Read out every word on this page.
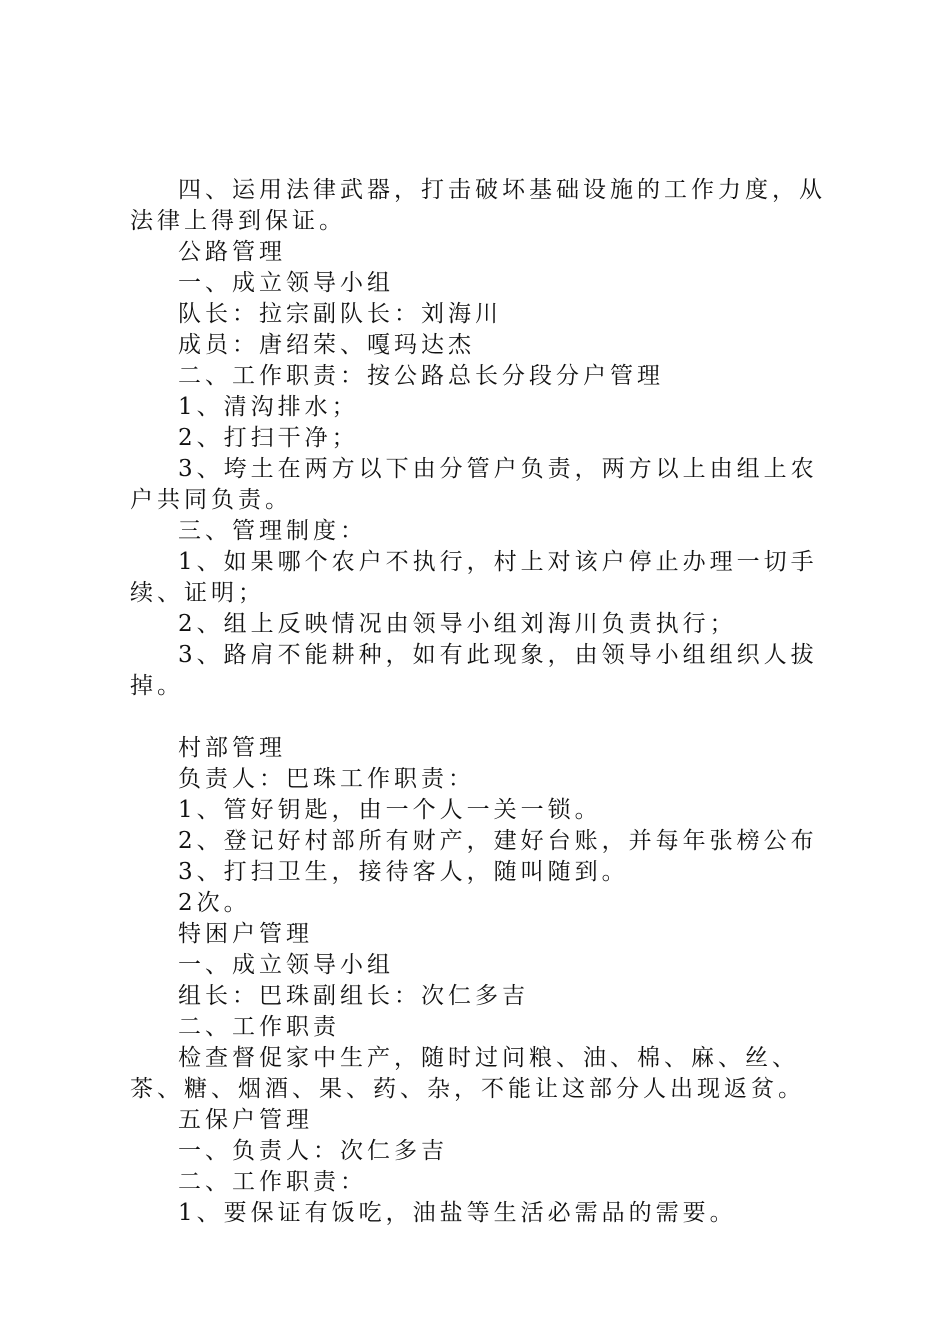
四、运用法律武器，打击破坏基础设施的工作力度，从法律上得到保证。

公路管理

一、成立领导小组

队长：拉宗副队长：刘海川

成员：唐绍荣、嘎玛达杰

二、工作职责：按公路总长分段分户管理

1、清沟排水；

2、打扫干净；

3、垮土在两方以下由分管户负责，两方以上由组上农户共同负责。

三、管理制度：

1、如果哪个农户不执行，村上对该户停止办理一切手续、证明；

2、组上反映情况由领导小组刘海川负责执行；

3、路肩不能耕种，如有此现象，由领导小组组织人拔掉。

村部管理

负责人：巴珠工作职责：

1、管好钥匙，由一个人一关一锁。

2、登记好村部所有财产，建好台账，并每年张榜公布

3、打扫卫生，接待客人，随叫随到。

2次。

特困户管理

一、成立领导小组

组长：巴珠副组长：次仁多吉

二、工作职责

检查督促家中生产，随时过问粮、油、棉、麻、丝、茶、糖、烟酒、果、药、杂，不能让这部分人出现返贫。

五保户管理

一、负责人：次仁多吉

二、工作职责：

1、要保证有饭吃，油盐等生活必需品的需要。
